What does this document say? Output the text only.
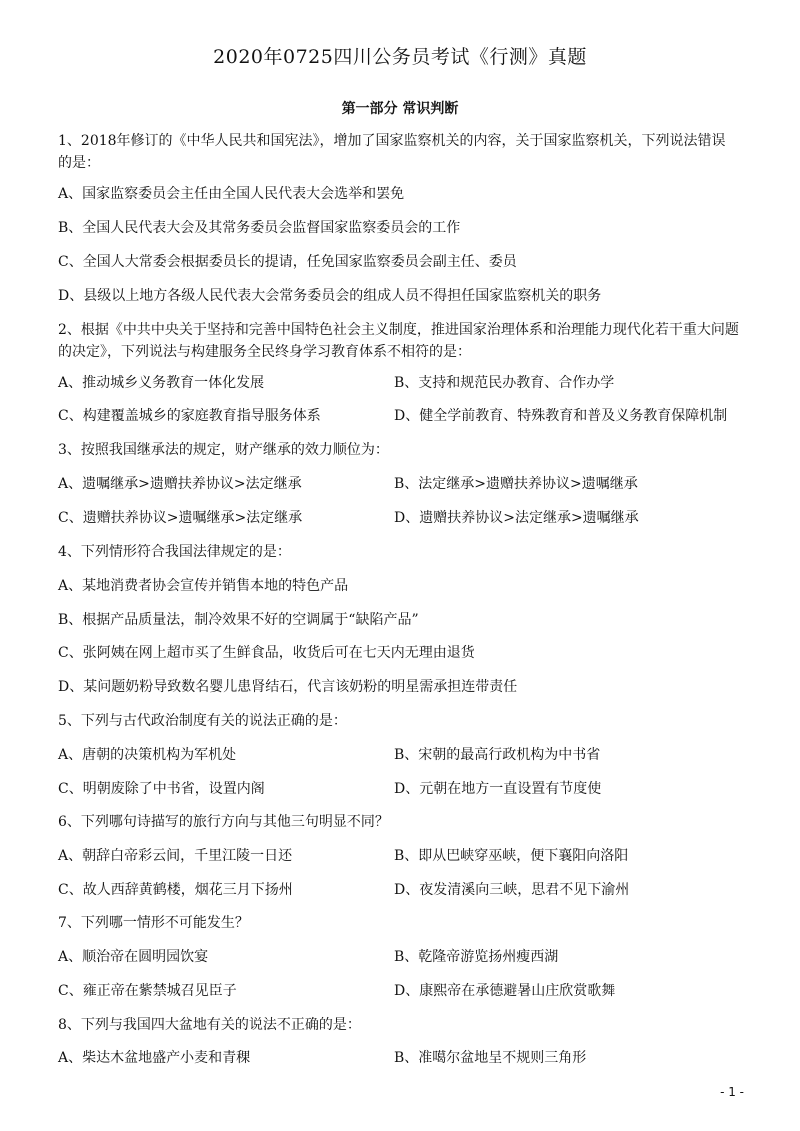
2020年0725四川公务员考试《行测》真题
第一部分 常识判断
1、2018年修订的《中华人民共和国宪法》，增加了国家监察机关的内容，关于国家监察机关，下列说法错误
的是：
A、国家监察委员会主任由全国人民代表大会选举和罢免
B、全国人民代表大会及其常务委员会监督国家监察委员会的工作
C、全国人大常委会根据委员长的提请，任免国家监察委员会副主任、委员
D、县级以上地方各级人民代表大会常务委员会的组成人员不得担任国家监察机关的职务
2、根据《中共中央关于坚持和完善中国特色社会主义制度，推进国家治理体系和治理能力现代化若干重大问题
的决定》，下列说法与构建服务全民终身学习教育体系不相符的是：
A、推动城乡义务教育一体化发展	B、支持和规范民办教育、合作办学
C、构建覆盖城乡的家庭教育指导服务体系	D、健全学前教育、特殊教育和普及义务教育保障机制
3、按照我国继承法的规定，财产继承的效力顺位为：
A、遗嘱继承>遗赠扶养协议>法定继承	B、法定继承>遗赠扶养协议>遗嘱继承
C、遗赠扶养协议>遗嘱继承>法定继承	D、遗赠扶养协议>法定继承>遗嘱继承
4、下列情形符合我国法律规定的是：
A、某地消费者协会宣传并销售本地的特色产品
B、根据产品质量法，制冷效果不好的空调属于“缺陷产品”
C、张阿姨在网上超市买了生鲜食品，收货后可在七天内无理由退货
D、某问题奶粉导致数名婴儿患肾结石，代言该奶粉的明星需承担连带责任
5、下列与古代政治制度有关的说法正确的是：
A、唐朝的决策机构为军机处	B、宋朝的最高行政机构为中书省
C、明朝废除了中书省，设置内阁	D、元朝在地方一直设置有节度使
6、下列哪句诗描写的旅行方向与其他三句明显不同？
A、朝辞白帝彩云间，千里江陵一日还	B、即从巴峡穿巫峡，便下襄阳向洛阳
C、故人西辞黄鹤楼，烟花三月下扬州	D、夜发清溪向三峡，思君不见下渝州
7、下列哪一情形不可能发生？
A、顺治帝在圆明园饮宴	B、乾隆帝游览扬州瘦西湖
C、雍正帝在紫禁城召见臣子	D、康熙帝在承德避暑山庄欣赏歌舞
8、下列与我国四大盆地有关的说法不正确的是：
A、柴达木盆地盛产小麦和青稞	B、准噶尔盆地呈不规则三角形
- 1 -
